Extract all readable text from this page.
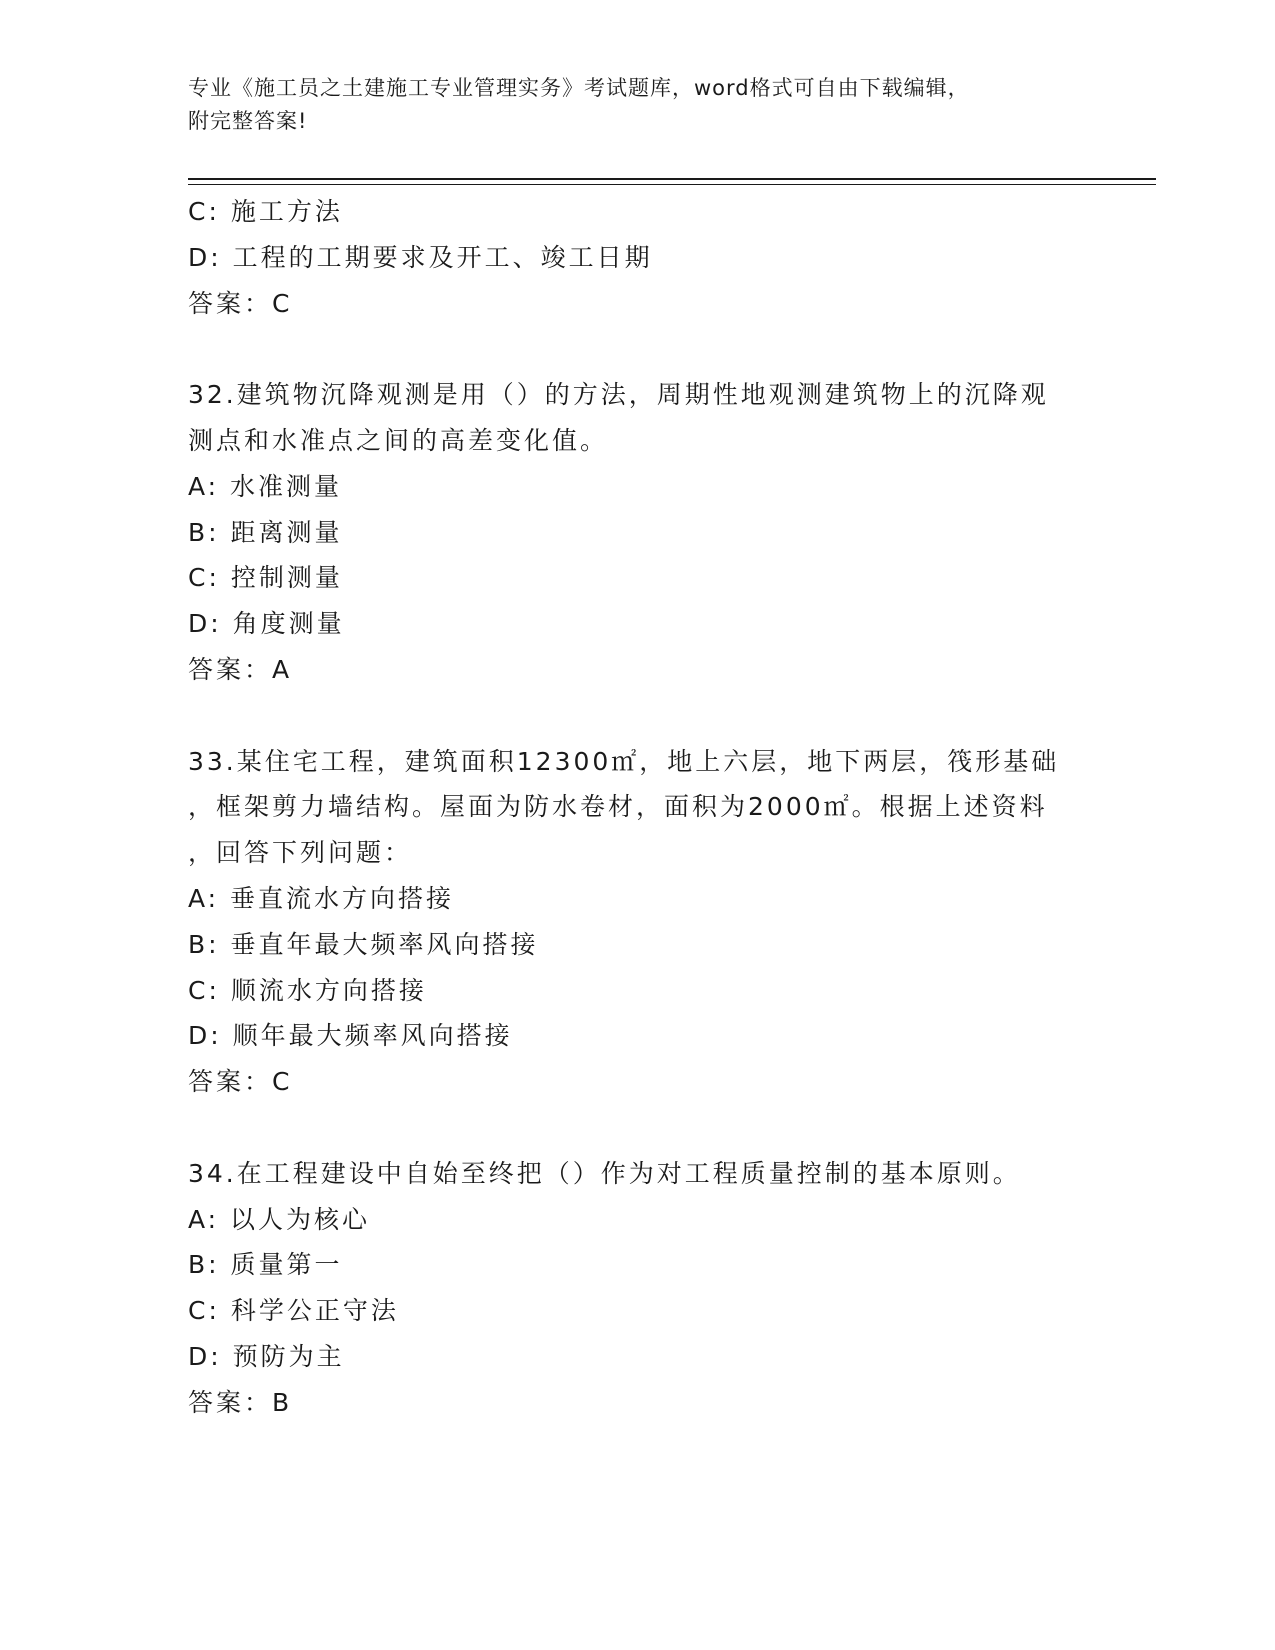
专业《施工员之土建施工专业管理实务》考试题库，word格式可自由下载编辑，
附完整答案!
C: 施工方法
D: 工程的工期要求及开工、竣工日期
答案：C
32.建筑物沉降观测是用（）的方法，周期性地观测建筑物上的沉降观
测点和水准点之间的高差变化值。
A: 水准测量
B: 距离测量
C: 控制测量
D: 角度测量
答案：A
33.某住宅工程，建筑面积12300㎡，地上六层，地下两层，筏形基础
，框架剪力墙结构。屋面为防水卷材，面积为2000㎡。根据上述资料
，回答下列问题：
A: 垂直流水方向搭接
B: 垂直年最大频率风向搭接
C: 顺流水方向搭接
D: 顺年最大频率风向搭接
答案：C
34.在工程建设中自始至终把（）作为对工程质量控制的基本原则。
A: 以人为核心
B: 质量第一
C: 科学公正守法
D: 预防为主
答案：B
